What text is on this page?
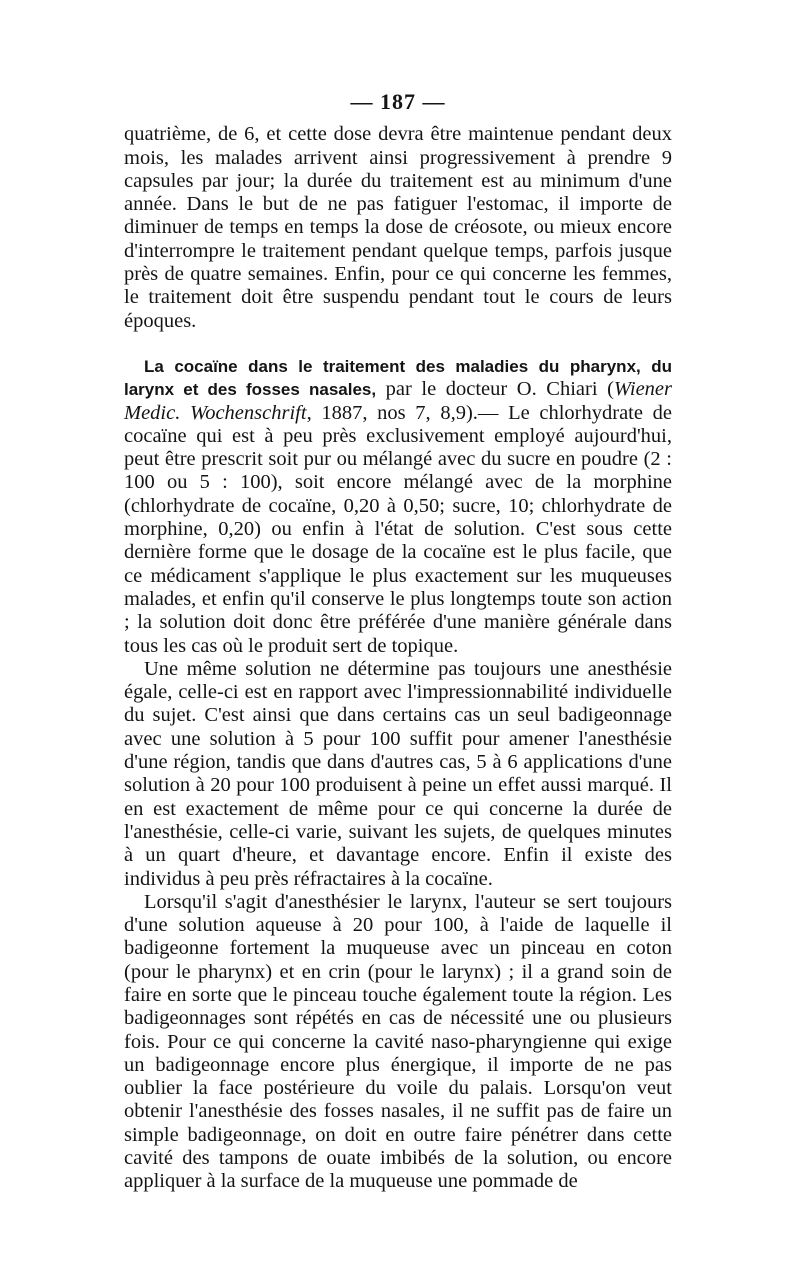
— 187 —

quatrième, de 6, et cette dose devra être maintenue pendant deux mois, les malades arrivent ainsi progressivement à prendre 9 capsules par jour; la durée du traitement est au minimum d'une année. Dans le but de ne pas fatiguer l'estomac, il importe de diminuer de temps en temps la dose de créosote, ou mieux encore d'interrompre le traitement pendant quelque temps, parfois jusque près de quatre semaines. Enfin, pour ce qui concerne les femmes, le traitement doit être suspendu pendant tout le cours de leurs époques.

La cocaïne dans le traitement des maladies du pharynx, du larynx et des fosses nasales, par le docteur O. Chiari (Wiener Medic. Wochenschrift, 1887, nos 7, 8,9).— Le chlorhydrate de cocaïne qui est à peu près exclusivement employé aujourd'hui, peut être prescrit soit pur ou mélangé avec du sucre en poudre (2 : 100 ou 5 : 100), soit encore mélangé avec de la morphine (chlorhydrate de cocaïne, 0,20 à 0,50; sucre, 10; chlorhydrate de morphine, 0,20) ou enfin à l'état de solution. C'est sous cette dernière forme que le dosage de la cocaïne est le plus facile, que ce médicament s'applique le plus exactement sur les muqueuses malades, et enfin qu'il conserve le plus longtemps toute son action ; la solution doit donc être préférée d'une manière générale dans tous les cas où le produit sert de topique.

Une même solution ne détermine pas toujours une anesthésie égale, celle-ci est en rapport avec l'impressionnabilité individuelle du sujet. C'est ainsi que dans certains cas un seul badigeonnage avec une solution à 5 pour 100 suffit pour amener l'anesthésie d'une région, tandis que dans d'autres cas, 5 à 6 applications d'une solution à 20 pour 100 produisent à peine un effet aussi marqué. Il en est exactement de même pour ce qui concerne la durée de l'anesthésie, celle-ci varie, suivant les sujets, de quelques minutes à un quart d'heure, et davantage encore. Enfin il existe des individus à peu près réfractaires à la cocaïne.

Lorsqu'il s'agit d'anesthésier le larynx, l'auteur se sert toujours d'une solution aqueuse à 20 pour 100, à l'aide de laquelle il badigeonne fortement la muqueuse avec un pinceau en coton (pour le pharynx) et en crin (pour le larynx) ; il a grand soin de faire en sorte que le pinceau touche également toute la région. Les badigeonnages sont répétés en cas de nécessité une ou plusieurs fois. Pour ce qui concerne la cavité naso-pharyngienne qui exige un badigeonnage encore plus énergique, il importe de ne pas oublier la face postérieure du voile du palais. Lorsqu'on veut obtenir l'anesthésie des fosses nasales, il ne suffit pas de faire un simple badigeonnage, on doit en outre faire pénétrer dans cette cavité des tampons de ouate imbibés de la solution, ou encore appliquer à la surface de la muqueuse une pommade de
